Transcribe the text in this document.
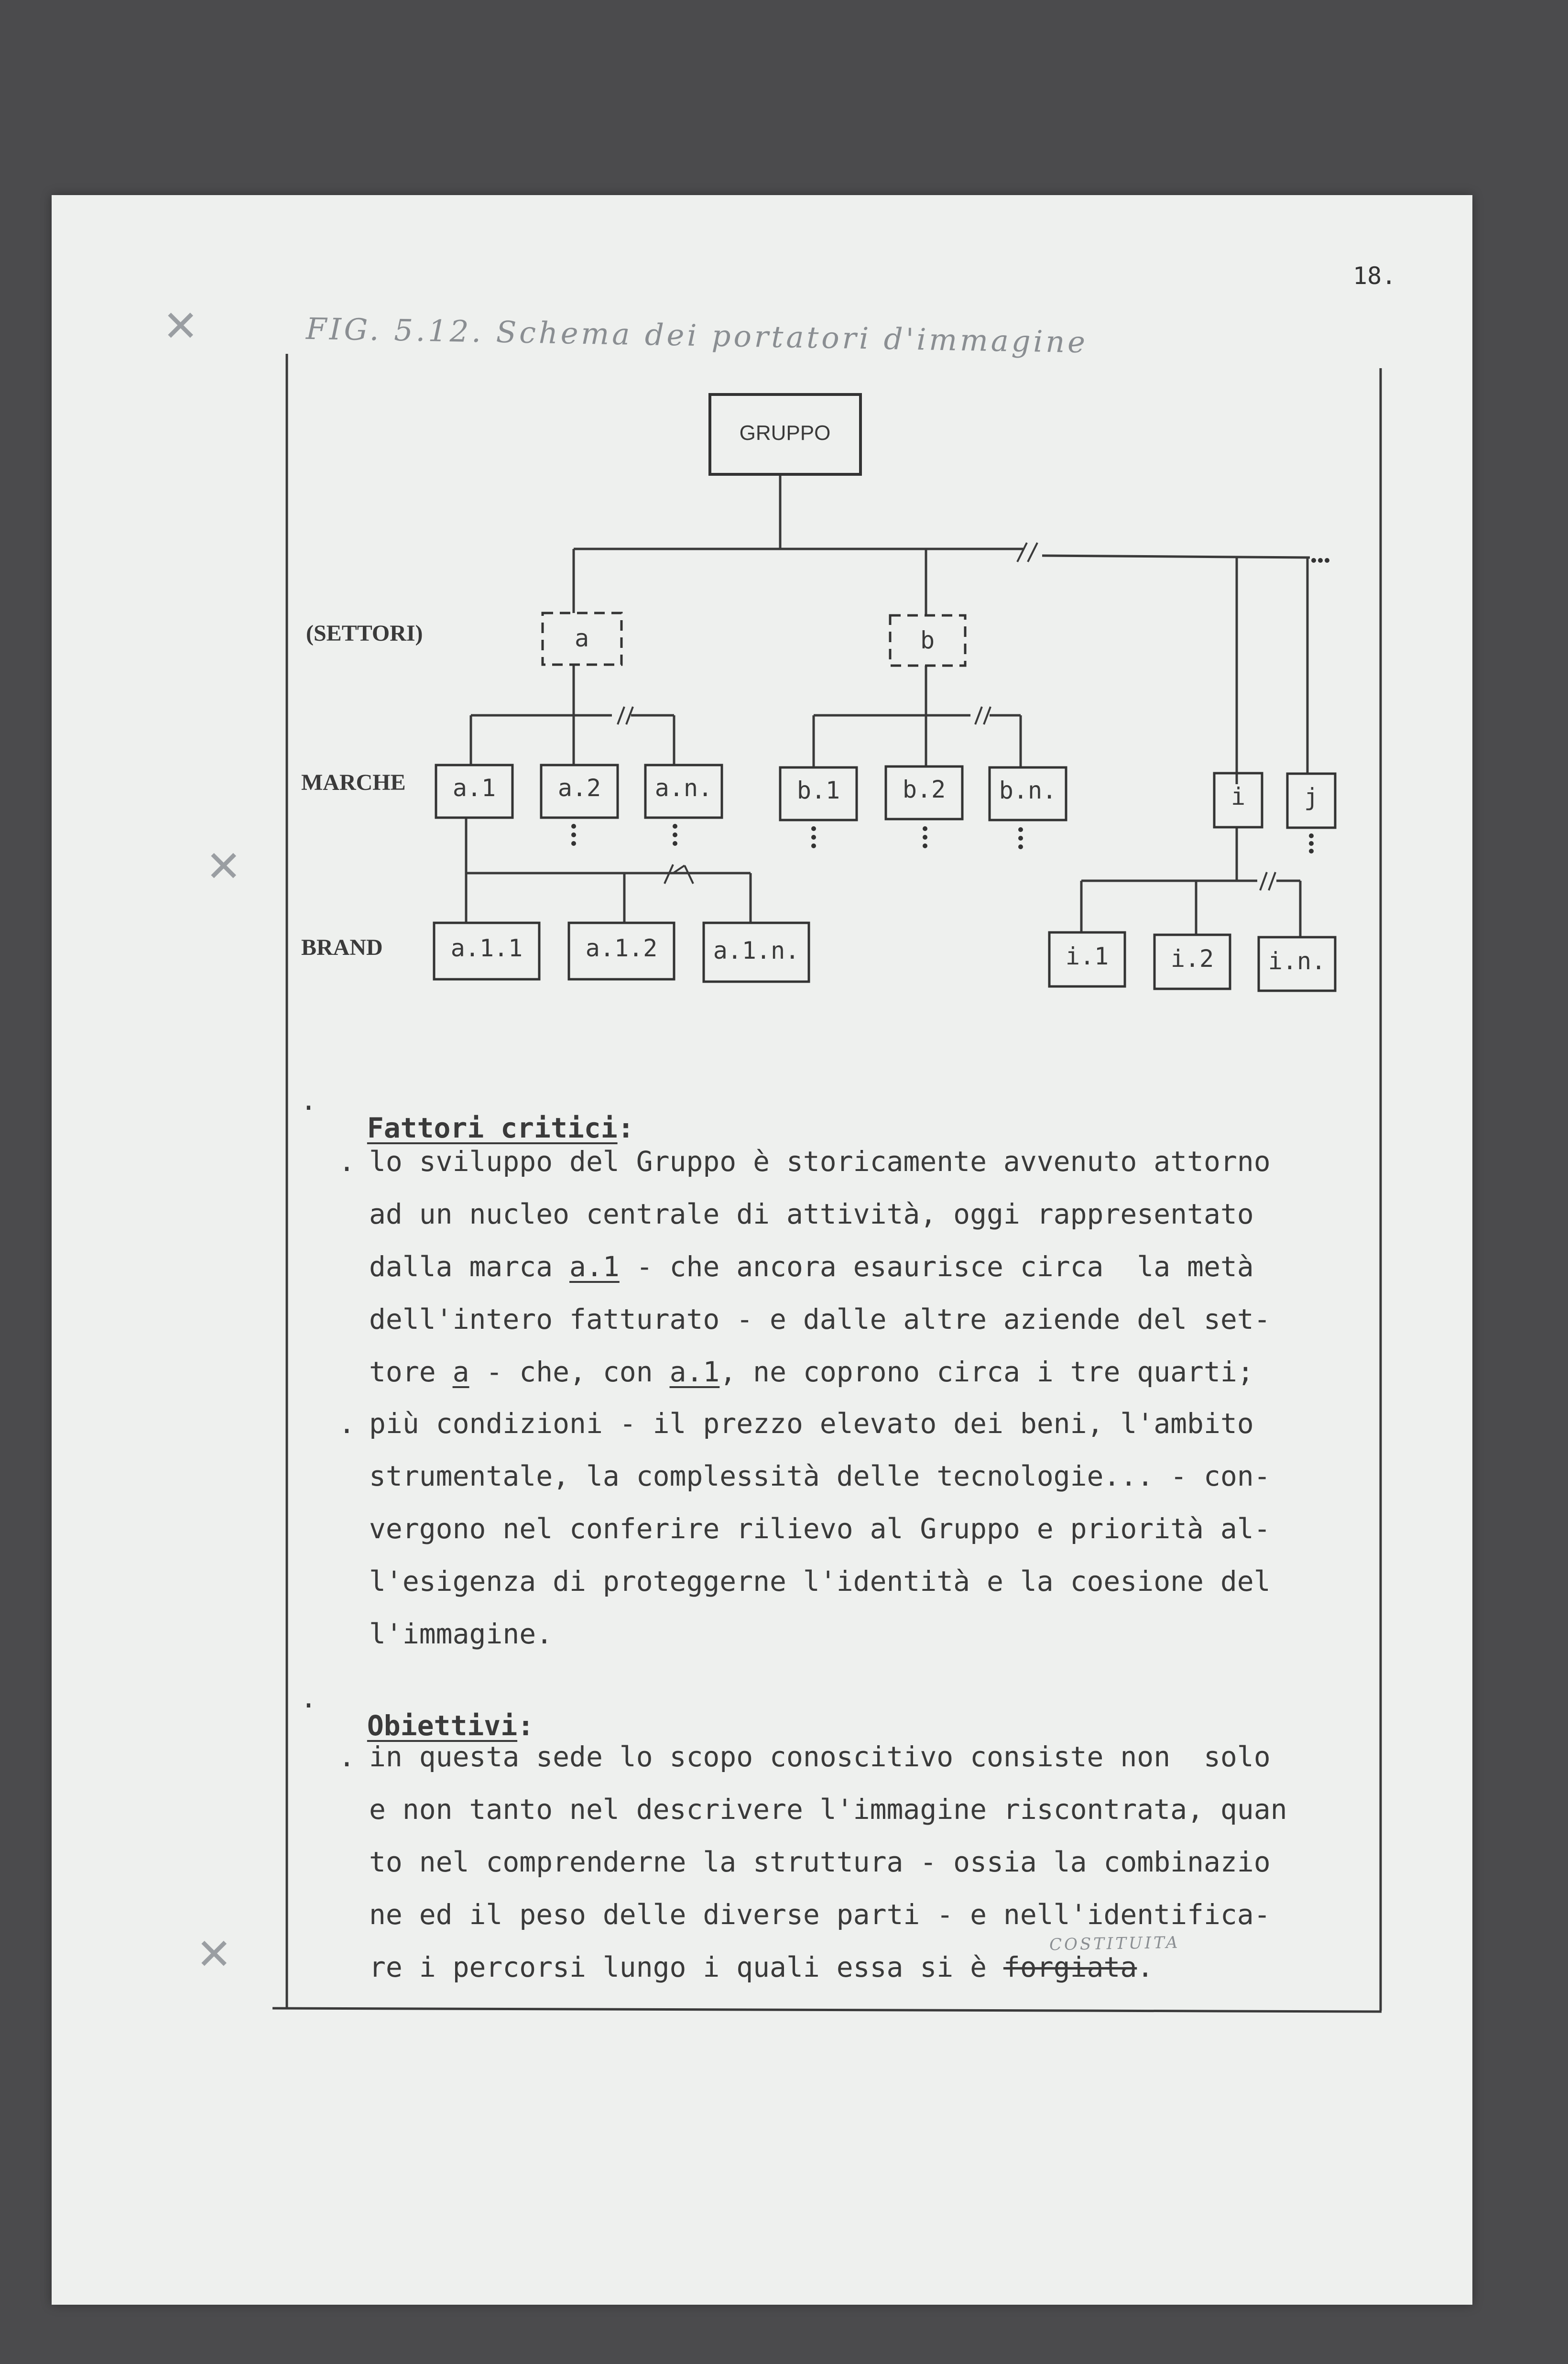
18.
FIG. 5.12. Schema dei portatori d'immagine
COSTITUITA
✕
✕
✕
GRUPPO
a	b
a.1	a.2 a.n.	b.1	b.2 b.n.	i j
a.1.1	a.1.2 a.1.n.	i.1	i.2 i.n.
(SETTORI)
MARCHE
BRAND
.

Fattori critici:

. lo sviluppo del Gruppo è storicamente avvenuto attorno
ad un nucleo centrale di attività, oggi rappresentato
dalla marca a.1 - che ancora esaurisce circa  la metà
dell'intero fatturato - e dalle altre aziende del set-
tore a - che, con a.1, ne coprono circa i tre quarti;
. più condizioni - il prezzo elevato dei beni, l'ambito
strumentale, la complessità delle tecnologie... - con-
vergono nel conferire rilievo al Gruppo e priorità al-
l'esigenza di proteggerne l'identità e la coesione del
l'immagine.
.

Obiettivi:

. in questa sede lo scopo conoscitivo consiste non  solo
e non tanto nel descrivere l'immagine riscontrata, quan
to nel comprenderne la struttura - ossia la combinazio
ne ed il peso delle diverse parti - e nell'identifica-
re i percorsi lungo i quali essa si è forgiata.
